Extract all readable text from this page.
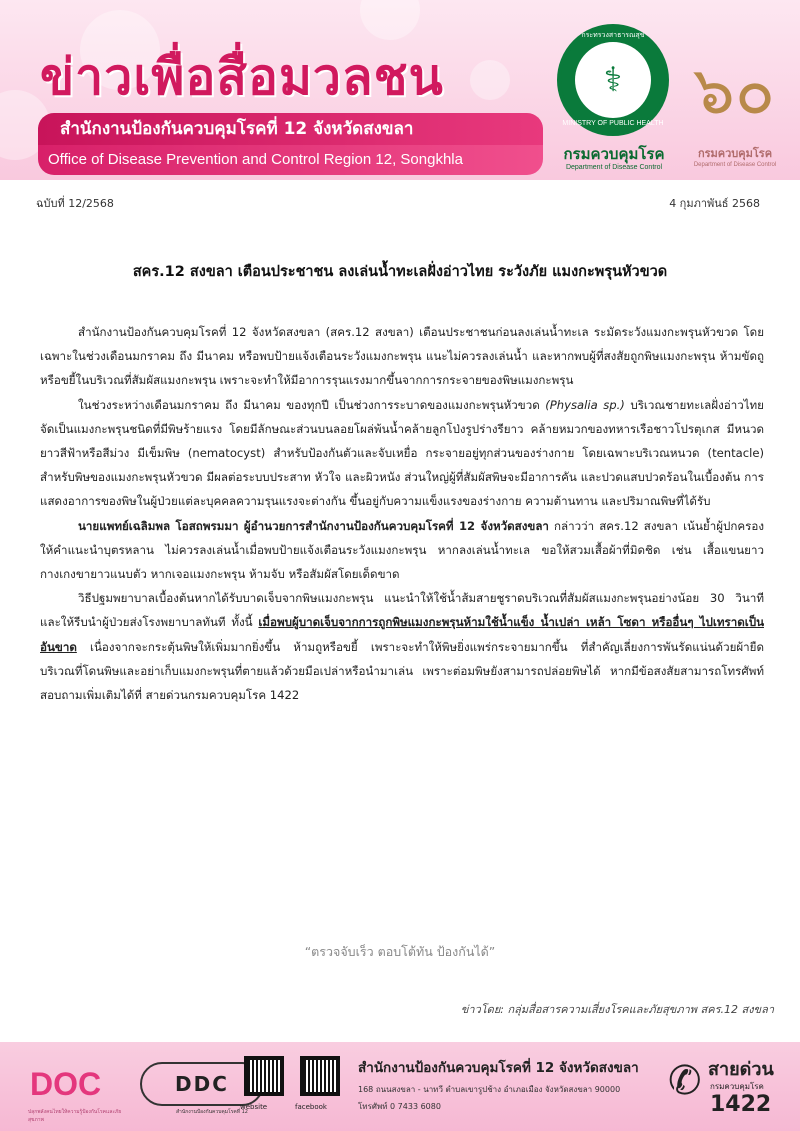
ข่าวเพื่อสื่อมวลชน
สำนักงานป้องกันควบคุมโรคที่ 12 จังหวัดสงขลา
Office of Disease Prevention and Control Region 12, Songkhla
กระทรวงสาธารณสุข
⚕
MINISTRY OF PUBLIC HEALTH
กรมควบคุมโรค
Department of Disease Control
๖๐
กรมควบคุมโรค
Department of Disease Control
ฉบับที่ 12/2568	4 กุมภาพันธ์ 2568
สคร.12 สงขลา เตือนประชาชน ลงเล่นน้ำทะเลฝั่งอ่าวไทย ระวังภัย แมงกะพรุนหัวขวด

สำนักงานป้องกันควบคุมโรคที่ 12 จังหวัดสงขลา (สคร.12 สงขลา) เตือนประชาชนก่อนลงเล่นน้ำทะเล ระมัดระวังแมงกะพรุนหัวขวด โดยเฉพาะในช่วงเดือนมกราคม ถึง มีนาคม หรือพบป้ายแจ้งเตือนระวังแมงกะพรุน แนะไม่ควรลงเล่นน้ำ และหากพบผู้ที่สงสัยถูกพิษแมงกะพรุน ห้ามขัดถูหรือขยี้ในบริเวณที่สัมผัสแมงกะพรุน เพราะจะทำให้มีอาการรุนแรงมากขึ้นจากการกระจายของพิษแมงกะพรุน

ในช่วงระหว่างเดือนมกราคม ถึง มีนาคม ของทุกปี เป็นช่วงการระบาดของแมงกะพรุนหัวขวด (Physalia sp.) บริเวณชายทะเลฝั่งอ่าวไทย จัดเป็นแมงกะพรุนชนิดที่มีพิษร้ายแรง โดยมีลักษณะส่วนบนลอยโผล่พ้นน้ำคล้ายลูกโป่งรูปร่างรียาว คล้ายหมวกของทหารเรือชาวโปรตุเกส มีหนวดยาวสีฟ้าหรือสีม่วง มีเข็มพิษ (nematocyst) สำหรับป้องกันตัวและจับเหยื่อ กระจายอยู่ทุกส่วนของร่างกาย โดยเฉพาะบริเวณหนวด (tentacle) สำหรับพิษของแมงกะพรุนหัวขวด มีผลต่อระบบประสาท หัวใจ และผิวหนัง ส่วนใหญ่ผู้ที่สัมผัสพิษจะมีอาการคัน และปวดแสบปวดร้อนในเบื้องต้น การแสดงอาการของพิษในผู้ป่วยแต่ละบุคคลความรุนแรงจะต่างกัน ขึ้นอยู่กับความแข็งแรงของร่างกาย ความต้านทาน และปริมาณพิษที่ได้รับ

นายแพทย์เฉลิมพล โอสถพรมมา ผู้อำนวยการสำนักงานป้องกันควบคุมโรคที่ 12 จังหวัดสงขลา กล่าวว่า สคร.12 สงขลา เน้นย้ำผู้ปกครองให้คำแนะนำบุตรหลาน ไม่ควรลงเล่นน้ำเมื่อพบป้ายแจ้งเตือนระวังแมงกะพรุน หากลงเล่นน้ำทะเล ขอให้สวมเสื้อผ้าที่มิดชิด เช่น เสื้อแขนยาว กางเกงขายาวแนบตัว หากเจอแมงกะพรุน ห้ามจับ หรือสัมผัสโดยเด็ดขาด

วิธีปฐมพยาบาลเบื้องต้นหากได้รับบาดเจ็บจากพิษแมงกะพรุน แนะนำให้ใช้น้ำส้มสายชูราดบริเวณที่สัมผัสแมงกะพรุนอย่างน้อย 30 วินาที และให้รีบนำผู้ป่วยส่งโรงพยาบาลทันที ทั้งนี้ เมื่อพบผู้บาดเจ็บจากการถูกพิษแมงกะพรุนห้ามใช้น้ำแข็ง น้ำเปล่า เหล้า โซดา หรืออื่นๆ ไปเทราดเป็นอันขาด เนื่องจากจะกระตุ้นพิษให้เพิ่มมากยิ่งขึ้น ห้ามถูหรือขยี้ เพราะจะทำให้พิษยิ่งแพร่กระจายมากขึ้น ที่สำคัญเลี่ยงการพันรัดแน่นด้วยผ้ายืด บริเวณที่โดนพิษและอย่าเก็บแมงกะพรุนที่ตายแล้วด้วยมือเปล่าหรือนำมาเล่น เพราะต่อมพิษยังสามารถปล่อยพิษได้ หากมีข้อสงสัยสามารถโทรศัพท์สอบถามเพิ่มเติมได้ที่ สายด่วนกรมควบคุมโรค 1422

“ตรวจจับเร็ว ตอบโต้ทัน ป้องกันได้”
ข่าวโดย: กลุ่มสื่อสารความเสี่ยงโรคและภัยสุขภาพ สคร.12 สงขลา
DOC
ปลุกพลังคนไทยให้ความรู้ป้องกันโรคและภัยสุขภาพ
DDC
สำนักงานป้องกันควบคุมโรคที่ 12
website	facebook
สำนักงานป้องกันควบคุมโรคที่ 12 จังหวัดสงขลา
168 ถนนสงขลา - นาทวี ตำบลเขารูปช้าง อำเภอเมือง จังหวัดสงขลา 90000
โทรศัพท์ 0 7433 6080
✆ สายด่วน
กรมควบคุมโรค
1422
